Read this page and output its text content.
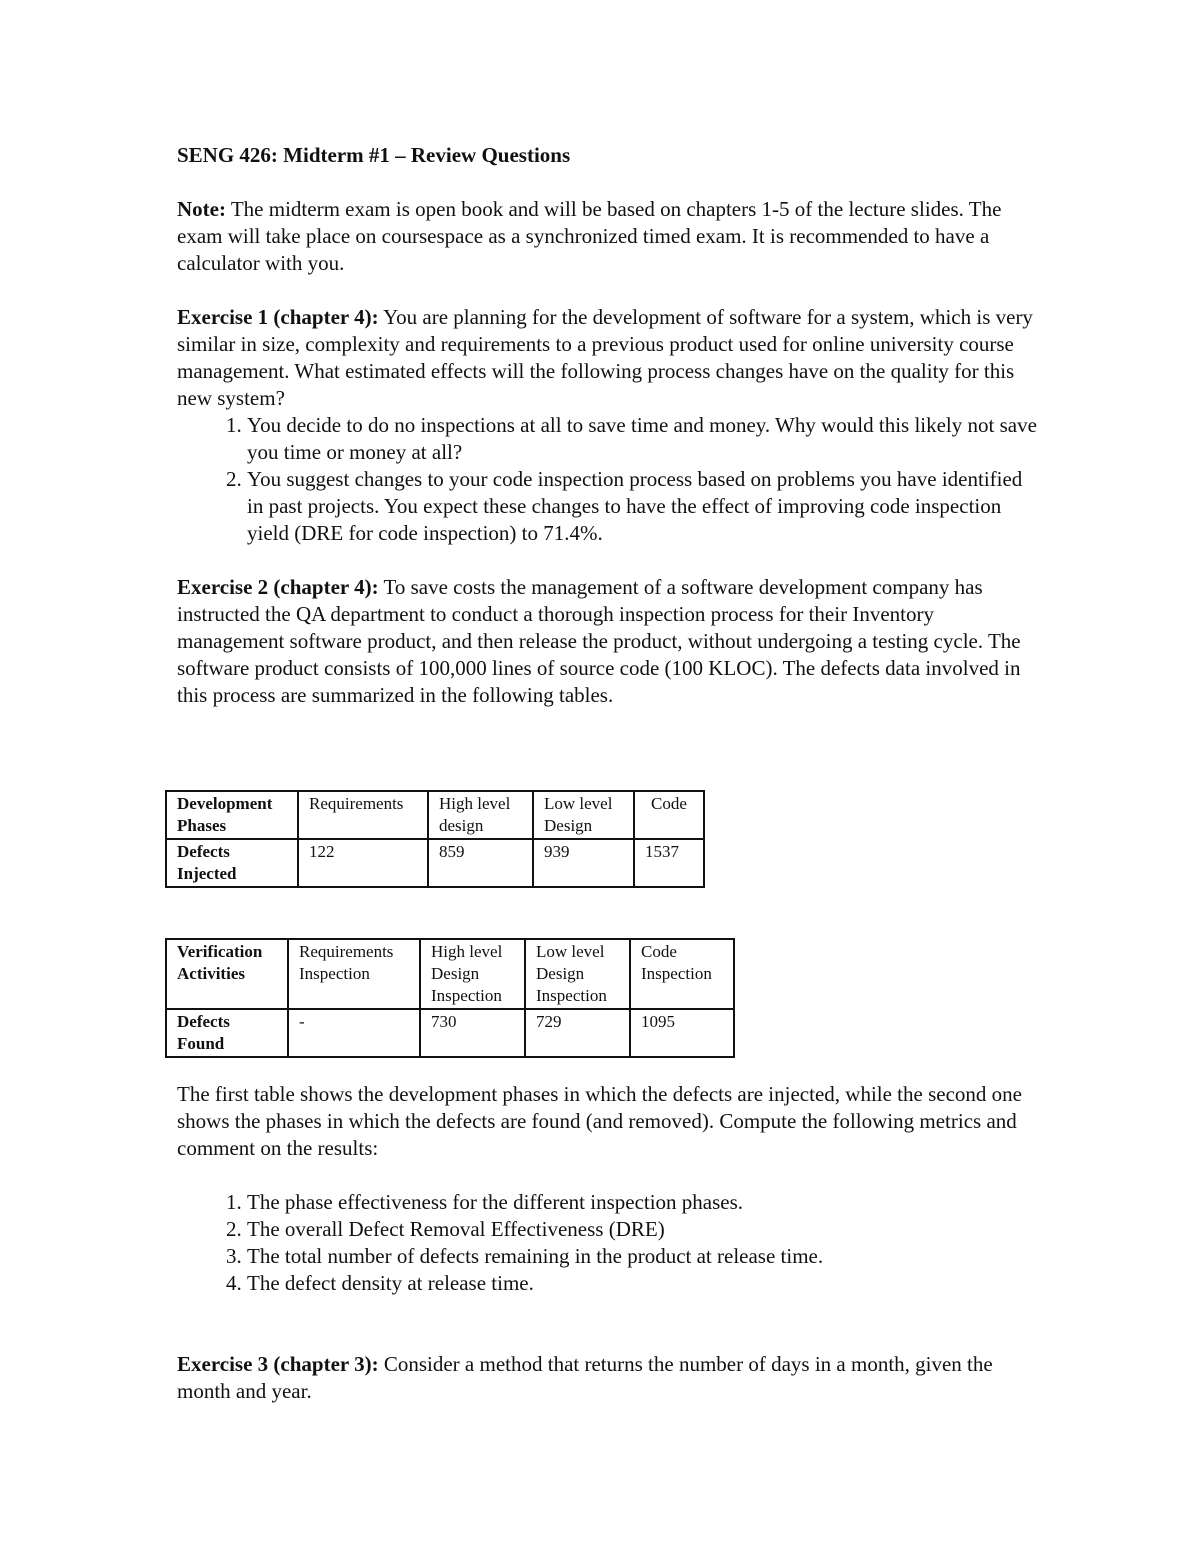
SENG 426: Midterm #1 – Review Questions

Note: The midterm exam is open book and will be based on chapters 1-5 of the lecture slides. The exam will take place on coursespace as a synchronized timed exam. It is recommended to have a calculator with you.

Exercise 1 (chapter 4): You are planning for the development of software for a system, which is very similar in size, complexity and requirements to a previous product used for online university course management. What estimated effects will the following process changes have on the quality for this new system?
1. You decide to do no inspections at all to save time and money. Why would this likely not save you time or money at all?
2. You suggest changes to your code inspection process based on problems you have identified in past projects. You expect these changes to have the effect of improving code inspection yield (DRE for code inspection) to 71.4%.

Exercise 2 (chapter 4): To save costs the management of a software development company has instructed the QA department to conduct a thorough inspection process for their Inventory management software product, and then release the product, without undergoing a testing cycle. The software product consists of 100,000 lines of source code (100 KLOC). The defects data involved in this process are summarized in the following tables.

Development Phases	Requirements	High level design	Low level Design	Code
Defects Injected	122	859	939	1537
Verification Activities	Requirements Inspection	High level Design Inspection	Low level Design Inspection	Code Inspection
Defects Found	-	730	729	1095

The first table shows the development phases in which the defects are injected, while the second one shows the phases in which the defects are found (and removed). Compute the following metrics and comment on the results:

1. The phase effectiveness for the different inspection phases.
2. The overall Defect Removal Effectiveness (DRE)
3. The total number of defects remaining in the product at release time.
4. The defect density at release time.
Exercise 3 (chapter 3): Consider a method that returns the number of days in a month, given the month and year.
